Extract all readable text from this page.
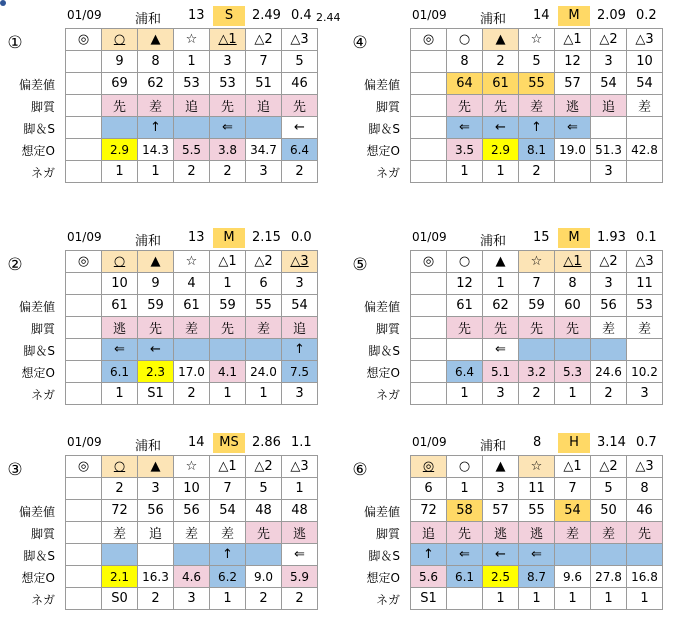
01/09	浦和 13	S	2.49 0.4 2.44
①
偏差値
脚質
脚＆S
想定O
ネガ
◎	○	▲	☆	△1	△2	△3
	9	8	1	3	7	5
	69	62	53	53	51	46
	先	差	追	先	追	先
		↑		⇐		←
	2.9	14.3	5.5	3.8	34.7	6.4
	1	1	2	2	3	2
01/09	浦和 14	M	2.09 0.2
④
偏差値
脚質
脚＆S
想定O
ネガ
◎	○	▲	☆	△1	△2	△3
	8	2	5	12	3	10
	64	61	55	57	54	54
	先	先	差	逃	追	差
	⇐	←	↑	⇐		
	3.5	2.9	8.1	19.0	51.3	42.8
	1	1	2		3	
01/09	浦和 13	M	2.15 0.0
②
偏差値
脚質
脚＆S
想定O
ネガ
◎	○	▲	☆	△1	△2	△3
	10	9	4	1	6	3
	61	59	61	59	55	54
	逃	先	差	先	差	追
	⇐	←				↑
	6.1	2.3	17.0	4.1	24.0	7.5
	1	S1	2	1	1	3
01/09	浦和 15	M	1.93 0.1
⑤
偏差値
脚質
脚＆S
想定O
ネガ
◎	○	▲	☆	△1	△2	△3
	12	1	7	8	3	11
	61	62	59	60	56	53
	先	先	先	先	差	差
		⇐				
	6.4	5.1	3.2	5.3	24.6	10.2
	1	3	2	1	2	3
01/09	浦和 14	MS	2.86 1.1
③
偏差値
脚質
脚＆S
想定O
ネガ
◎	○	▲	☆	△1	△2	△3
	2	3	10	7	5	1
	72	56	56	54	48	48
	差	追	差	差	先	逃
				↑		⇐
	2.1	16.3	4.6	6.2	9.0	5.9
	S0	2	3	1	2	2
01/09	浦和 8	H	3.14 0.7
⑥
偏差値
脚質
脚＆S
想定O
ネガ
◎	○	▲	☆	△1	△2	△3
6	1	3	11	7	5	8
72	58	57	55	54	50	46
追	先	逃	逃	差	差	先
↑	⇐	←	⇐			
5.6	6.1	2.5	8.7	9.6	27.8	16.8
S1		1	1	1	1	1
